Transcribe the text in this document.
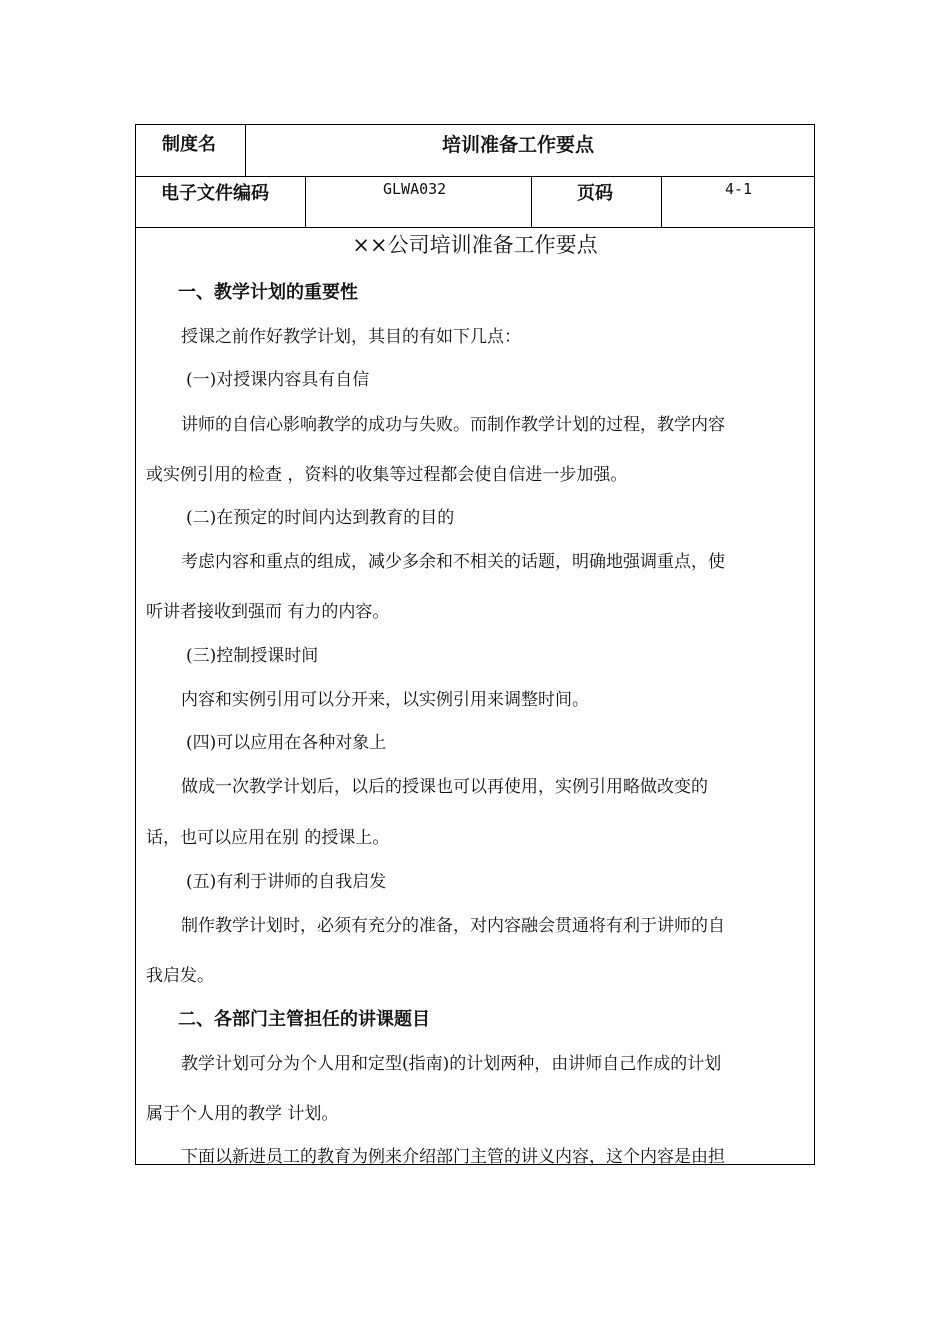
制度名	培训准备工作要点
电子文件编码	GLWA032	页码	4-1
××公司培训准备工作要点
一、教学计划的重要性
授课之前作好教学计划，其目的有如下几点：
(一)对授课内容具有自信
讲师的自信心影响教学的成功与失败。而制作教学计划的过程，教学内容
或实例引用的检查 ，资料的收集等过程都会使自信进一步加强。
(二)在预定的时间内达到教育的目的
考虑内容和重点的组成，减少多余和不相关的话题，明确地强调重点，使
听讲者接收到强而 有力的内容。
(三)控制授课时间
内容和实例引用可以分开来，以实例引用来调整时间。
(四)可以应用在各种对象上
做成一次教学计划后，以后的授课也可以再使用，实例引用略做改变的
话，也可以应用在别 的授课上。
(五)有利于讲师的自我启发
制作教学计划时，必须有充分的准备，对内容融会贯通将有利于讲师的自
我启发。
二、各部门主管担任的讲课题目
教学计划可分为个人用和定型(指南)的计划两种，由讲师自己作成的计划
属于个人用的教学 计划。
下面以新进员工的教育为例来介绍部门主管的讲义内容，这个内容是由担
